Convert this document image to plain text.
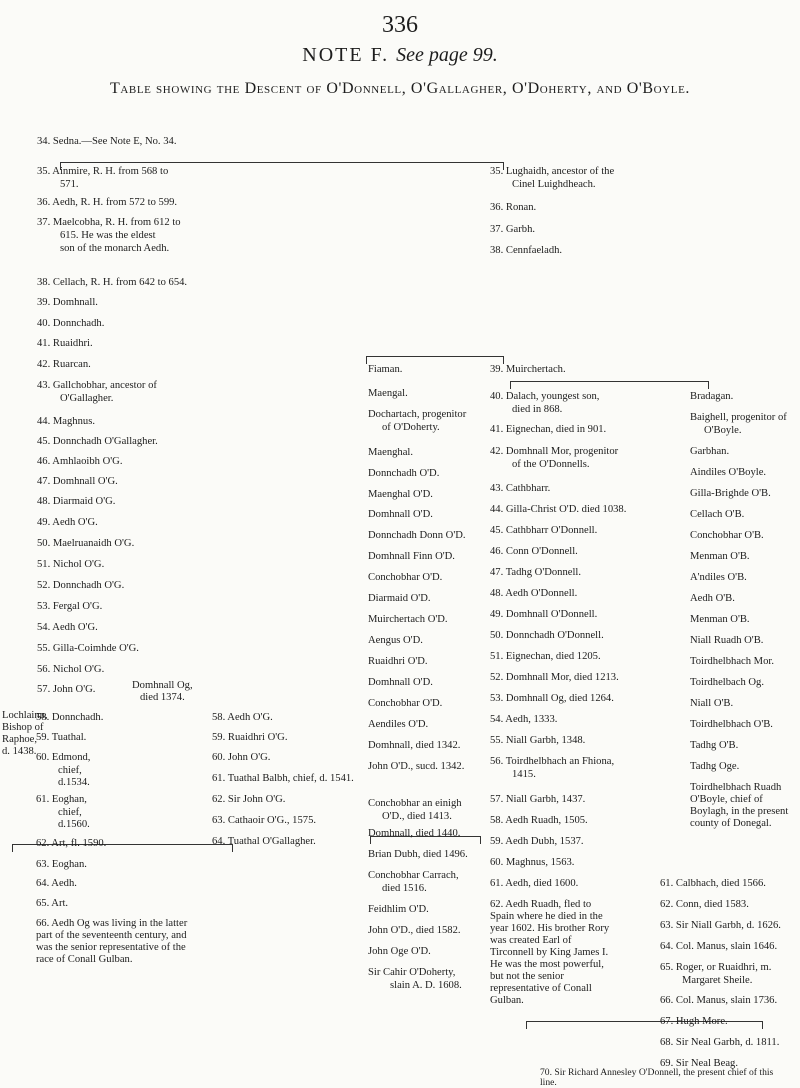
336
NOTE F. See page 99.
Table showing the Descent of O'Donnell, O'Gallagher, O'Doherty, and O'Boyle.
34. Sedna.—See Note E, No. 34.
35. Ainmire, R. H. from 568 to
571.
36. Aedh, R. H. from 572 to 599.
37. Maelcobha, R. H. from 612 to
615. He was the eldest
son of the monarch Aedh.
38. Cellach, R. H. from 642 to 654.
39. Domhnall.
40. Donnchadh.
41. Ruaidhri.
42. Ruarcan.
43. Gallchobhar, ancestor of
O'Gallagher.
44. Maghnus.
45. Donnchadh O'Gallagher.
46. Amhlaoibh O'G.
47. Domhnall O'G.
48. Diarmaid O'G.
49. Aedh O'G.
50. Maelruanaidh O'G.
51. Nichol O'G.
52. Donnchadh O'G.
53. Fergal O'G.
54. Aedh O'G.
55. Gilla-Coimhde O'G.
56. Nichol O'G.
57. John O'G.	Domhnall Og,
died 1374.
Lochlainn,
Bishop of
Raphoe,
d. 1438.
58. Donnchadh.
59. Tuathal.
60. Edmond,
chief,
d.1534.
61. Eoghan,
chief,
d.1560.
62. Art, fl. 1590.
63. Eoghan.
64. Aedh.
65. Art.
66. Aedh Og was living in the latter part of the seventeenth century, and was the senior representative of the race of Conall Gulban.
58. Aedh O'G.
59. Ruaidhri O'G.
60. John O'G.
61. Tuathal Balbh, chief, d. 1541.
62. Sir John O'G.
63. Cathaoir O'G., 1575.
64. Tuathal O'Gallagher.
Fiaman.
Maengal.
Dochartach, progenitor
of O'Doherty.
Maenghal.
Donnchadh O'D.
Maenghal O'D.
Domhnall O'D.
Donnchadh Donn O'D.
Domhnall Finn O'D.
Conchobhar O'D.
Diarmaid O'D.
Muirchertach O'D.
Aengus O'D.
Ruaidhri O'D.
Domhnall O'D.
Conchobhar O'D.
Aendiles O'D.
Domhnall, died 1342.
John O'D., sucd. 1342.
Conchobhar an einigh
O'D., died 1413.
Domhnall, died 1440.
Brian Dubh, died 1496.
Conchobhar Carrach,
died 1516.
Feidhlim O'D.
John O'D., died 1582.
John Oge O'D.
Sir Cahir O'Doherty,
slain A. D. 1608.
35. Lughaidh, ancestor of the
Cinel Luighdheach.
36. Ronan.
37. Garbh.
38. Cennfaeladh.
39. Muirchertach.
40. Dalach, youngest son,
died in 868.
41. Eignechan, died in 901.
42. Domhnall Mor, progenitor
of the O'Donnells.
43. Cathbharr.
44. Gilla-Christ O'D. died 1038.
45. Cathbharr O'Donnell.
46. Conn O'Donnell.
47. Tadhg O'Donnell.
48. Aedh O'Donnell.
49. Domhnall O'Donnell.
50. Donnchadh O'Donnell.
51. Eignechan, died 1205.
52. Domhnall Mor, died 1213.
53. Domhnall Og, died 1264.
54. Aedh, 1333.
55. Niall Garbh, 1348.
56. Toirdhelbhach an Fhiona,
1415.
57. Niall Garbh, 1437.
58. Aedh Ruadh, 1505.
59. Aedh Dubh, 1537.
60. Maghnus, 1563.
61. Aedh, died 1600.
62. Aedh Ruadh, fled to Spain where he died in the year 1602. His brother Rory was created Earl of Tirconnell by King James I. He was the most powerful, but not the senior representative of Conall Gulban.
Bradagan.
Baighell, progenitor of
O'Boyle.
Garbhan.
Aindiles O'Boyle.
Gilla-Brighde O'B.
Cellach O'B.
Conchobhar O'B.
Menman O'B.
A'ndiles O'B.
Aedh O'B.
Menman O'B.
Niall Ruadh O'B.
Toirdhelbhach Mor.
Toirdhelbach Og.
Niall O'B.
Toirdhelbhach O'B.
Tadhg O'B.
Tadhg Oge.
Toirdhelbhach Ruadh O'Boyle, chief of Boylagh, in the present county of Donegal.
61. Calbhach, died 1566.
62. Conn, died 1583.
63. Sir Niall Garbh, d. 1626.
64. Col. Manus, slain 1646.
65. Roger, or Ruaidhri, m.
Margaret Sheile.
66. Col. Manus, slain 1736.
67. Hugh More.
68. Sir Neal Garbh, d. 1811.
69. Sir Neal Beag.
70. Sir Richard Annesley O'Donnell, the present chief of this line.
